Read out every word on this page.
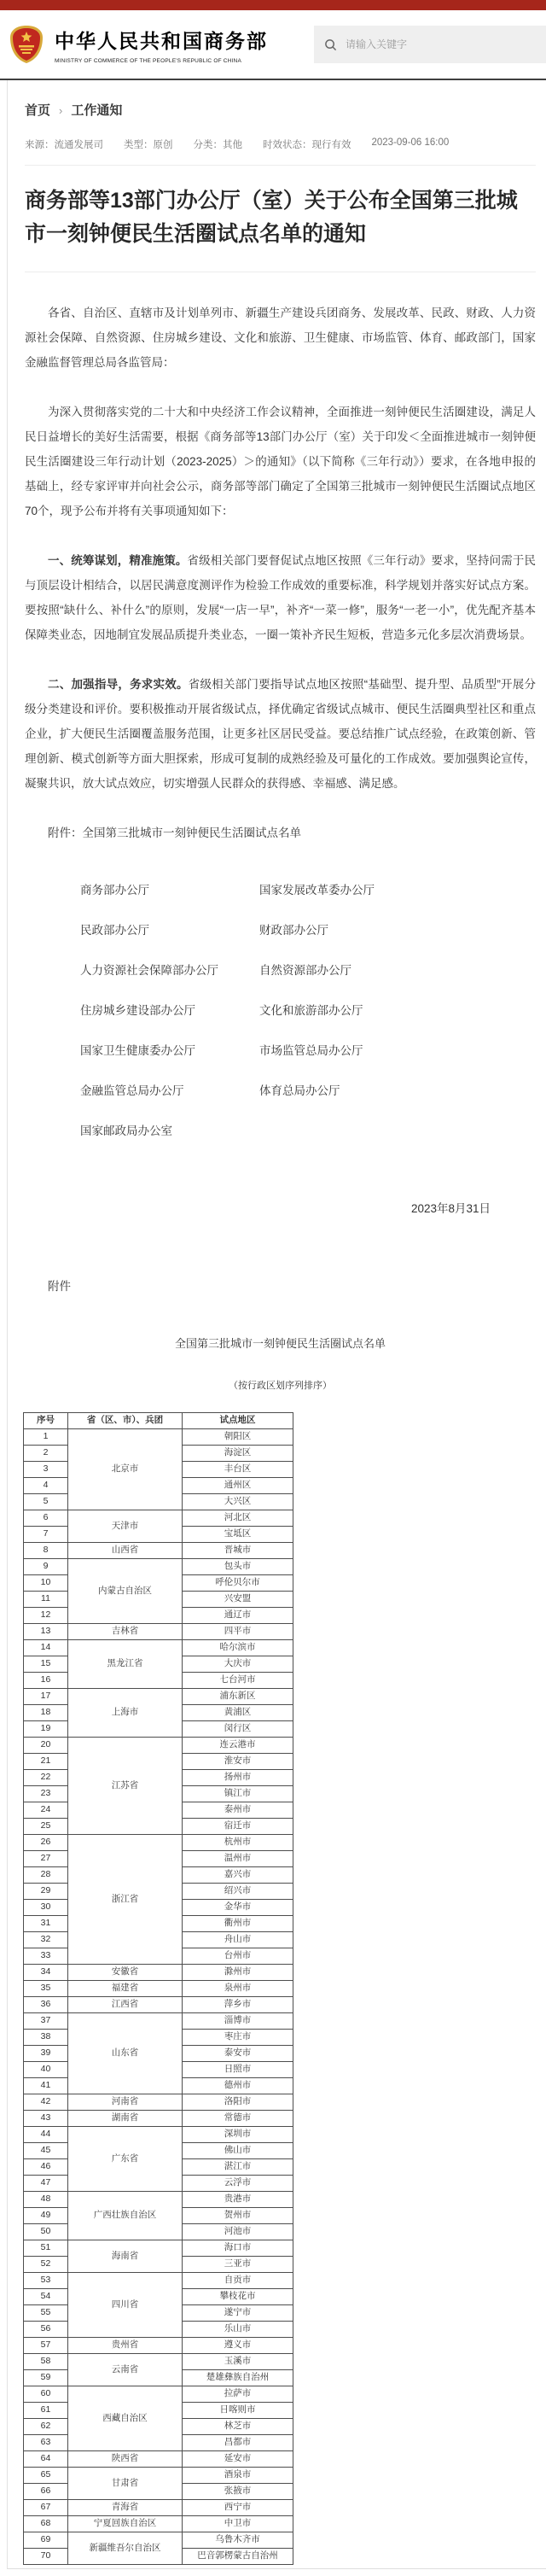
中华人民共和国商务部
MINISTRY OF COMMERCE OF THE PEOPLE'S REPUBLIC OF CHINA
请输入关键字
首页 › 工作通知
来源：流通发展司 类型：原创 分类：其他 时效状态：现行有效 2023-09-06 16:00
商务部等13部门办公厅（室）关于公布全国第三批城市一刻钟便民生活圈试点名单的通知

各省、自治区、直辖市及计划单列市、新疆生产建设兵团商务、发展改革、民政、财政、人力资源社会保障、自然资源、住房城乡建设、文化和旅游、卫生健康、市场监管、体育、邮政部门，国家金融监督管理总局各监管局：

为深入贯彻落实党的二十大和中央经济工作会议精神，全面推进一刻钟便民生活圈建设，满足人民日益增长的美好生活需要，根据《商务部等13部门办公厅（室）关于印发＜全面推进城市一刻钟便民生活圈建设三年行动计划（2023-2025）＞的通知》（以下简称《三年行动》）要求，在各地申报的基础上，经专家评审并向社会公示，商务部等部门确定了全国第三批城市一刻钟便民生活圈试点地区70个，现予公布并将有关事项通知如下：

一、统筹谋划，精准施策。省级相关部门要督促试点地区按照《三年行动》要求，坚持问需于民与顶层设计相结合，以居民满意度测评作为检验工作成效的重要标准，科学规划并落实好试点方案。要按照“缺什么、补什么”的原则，发展“一店一早”，补齐“一菜一修”，服务“一老一小”，优先配齐基本保障类业态，因地制宜发展品质提升类业态，一圈一策补齐民生短板，营造多元化多层次消费场景。

二、加强指导，务求实效。省级相关部门要指导试点地区按照“基础型、提升型、品质型”开展分级分类建设和评价。要积极推动开展省级试点，择优确定省级试点城市、便民生活圈典型社区和重点企业，扩大便民生活圈覆盖服务范围，让更多社区居民受益。要总结推广试点经验，在政策创新、管理创新、模式创新等方面大胆探索，形成可复制的成熟经验及可量化的工作成效。要加强舆论宣传，凝聚共识，放大试点效应，切实增强人民群众的获得感、幸福感、满足感。

附件：全国第三批城市一刻钟便民生活圈试点名单

商务部办公厅	国家发展改革委办公厅
民政部办公厅	财政部办公厅
人力资源社会保障部办公厅	自然资源部办公厅
住房城乡建设部办公厅	文化和旅游部办公厅
国家卫生健康委办公厅	市场监管总局办公厅
金融监管总局办公厅	体育总局办公厅
国家邮政局办公室
2023年8月31日
附件
全国第三批城市一刻钟便民生活圈试点名单
（按行政区划序列排序）
序号	省（区、市）、兵团	试点地区
1	北京市	朝阳区
2		海淀区
3		丰台区
4		通州区
5		大兴区
6	天津市	河北区
7		宝坻区
8	山西省	晋城市
9	内蒙古自治区	包头市
10		呼伦贝尔市
11		兴安盟
12		通辽市
13	吉林省	四平市
14	黑龙江省	哈尔滨市
15		大庆市
16		七台河市
17	上海市	浦东新区
18		黄浦区
19		闵行区
20	江苏省	连云港市
21		淮安市
22		扬州市
23		镇江市
24		泰州市
25		宿迁市
26	浙江省	杭州市
27		温州市
28		嘉兴市
29		绍兴市
30		金华市
31		衢州市
32		舟山市
33		台州市
34	安徽省	滁州市
35	福建省	泉州市
36	江西省	萍乡市
37	山东省	淄博市
38		枣庄市
39		泰安市
40		日照市
41		德州市
42	河南省	洛阳市
43	湖南省	常德市
44	广东省	深圳市
45		佛山市
46		湛江市
47		云浮市
48	广西壮族自治区	贵港市
49		贺州市
50		河池市
51	海南省	海口市
52		三亚市
53	四川省	自贡市
54		攀枝花市
55		遂宁市
56		乐山市
57	贵州省	遵义市
58	云南省	玉溪市
59		楚雄彝族自治州
60	西藏自治区	拉萨市
61		日喀则市
62		林芝市
63		昌都市
64	陕西省	延安市
65	甘肃省	酒泉市
66		张掖市
67	青海省	西宁市
68	宁夏回族自治区	中卫市
69	新疆维吾尔自治区	乌鲁木齐市
70		巴音郭楞蒙古自治州
